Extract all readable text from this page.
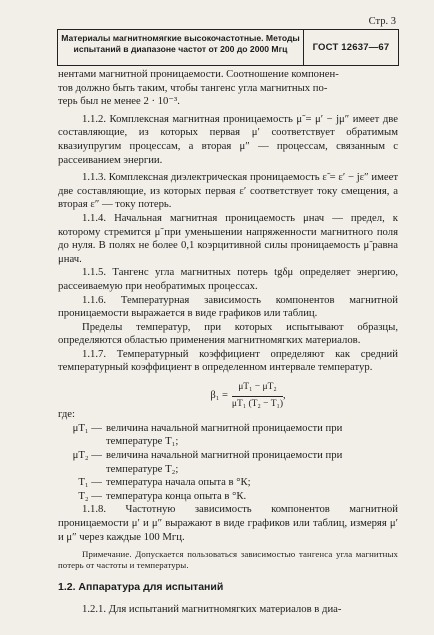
Стр. 3
Материалы магнитномягкие высокочастотные. Методы
испытаний в диапазоне частот от 200 до 2000 Мгц	ГОСТ 12637—67

нентами магнитной проницаемости. Соотношение компонен-
тов должно быть таким, чтобы тангенс угла магнитных по-
терь был не менее 2 · 10⁻³.

1.1.2. Комплексная магнитная проницаемость μ̃ = μ′ − jμ″ имеет две составляющие, из которых первая μ′ соответствует обратимым квазиупругим процессам, а вторая μ″ — процессам, связанным с рассеиванием энергии.

1.1.3. Комплексная диэлектрическая проницаемость ε̃ = ε′ − jε″ имеет две составляющие, из которых первая ε′ соответствует току смещения, а вторая ε″ — току потерь.

1.1.4. Начальная магнитная проницаемость μнач — предел, к которому стремится μ̃ при уменьшении напряженности магнитного поля до нуля. В полях не более 0,1 коэрцитивной силы проницаемость μ̃ равна μнач.

1.1.5. Тангенс угла магнитных потерь tgδμ определяет энергию, рассеиваемую при необратимых процессах.

1.1.6. Температурная зависимость компонентов магнитной проницаемости выражается в виде графиков или таблиц.

Пределы температур, при которых испытывают образцы, определяются областью применения магнитномягких материалов.

1.1.7. Температурный коэффициент определяют как средний температурный коэффициент в определенном интервале температур.

$\beta_1 = \frac{\text{μT₁ − μT₂}}{\text{μT₁ (T₂ − T₁)}}$ ,

где:

μT₁ — величина начальной магнитной проницаемости при
температуре T₁;
μT₂ — величина начальной магнитной проницаемости при
температуре T₂;
T₁ — температура начала опыта в °К;
T₂ — температура конца опыта в °К.

1.1.8. Частотную зависимость компонентов магнитной проницаемости μ′ и μ″ выражают в виде графиков или таблиц, измеряя μ′ и μ″ через каждые 100 Мгц.

Примечание. Допускается пользоваться зависимостью тангенса угла магнитных потерь от частоты и температуры.

1.2. Аппаратура для испытаний

1.2.1. Для испытаний магнитномягких материалов в диа-
